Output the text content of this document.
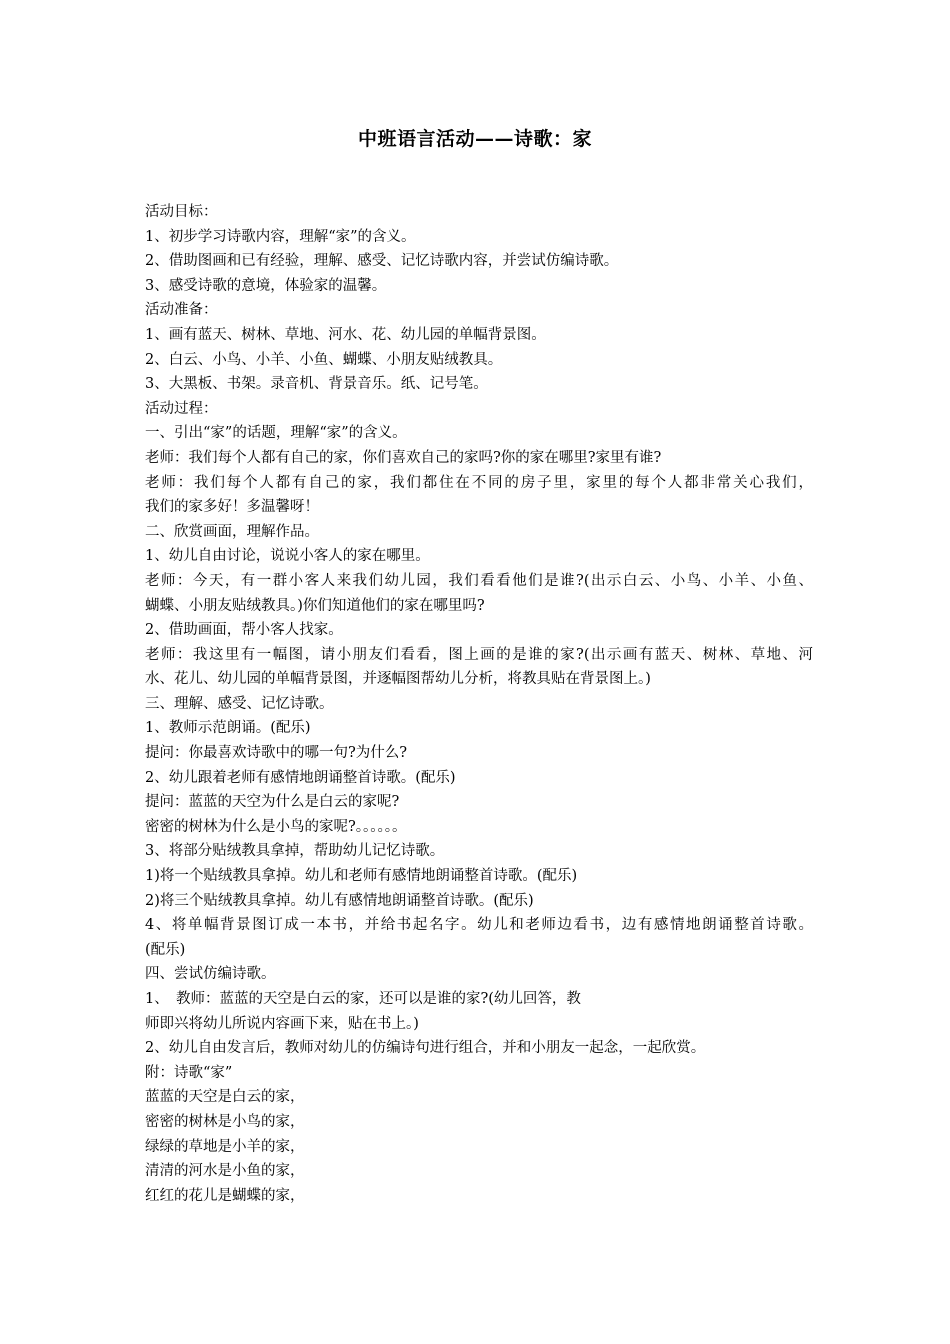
中班语言活动——诗歌：家
活动目标：
1、初步学习诗歌内容，理解“家”的含义。
2、借助图画和已有经验，理解、感受、记忆诗歌内容，并尝试仿编诗歌。
3、感受诗歌的意境，体验家的温馨。
活动准备：
1、画有蓝天、树林、草地、河水、花、幼儿园的单幅背景图。
2、白云、小鸟、小羊、小鱼、蝴蝶、小朋友贴绒教具。
3、大黑板、书架。录音机、背景音乐。纸、记号笔。
活动过程：
一、引出“家”的话题，理解“家”的含义。
老师：我们每个人都有自己的家，你们喜欢自己的家吗?你的家在哪里?家里有谁?
老师：我们每个人都有自己的家，我们都住在不同的房子里，家里的每个人都非常关心我们，
我们的家多好！多温馨呀！
二、欣赏画面，理解作品。
1、幼儿自由讨论，说说小客人的家在哪里。
老师：今天，有一群小客人来我们幼儿园，我们看看他们是谁?(出示白云、小鸟、小羊、小鱼、
蝴蝶、小朋友贴绒教具。)你们知道他们的家在哪里吗?
2、借助画面，帮小客人找家。
老师：我这里有一幅图，请小朋友们看看，图上画的是谁的家?(出示画有蓝天、树林、草地、河
水、花儿、幼儿园的单幅背景图，并逐幅图帮幼儿分析，将教具贴在背景图上。)
三、理解、感受、记忆诗歌。
1、教师示范朗诵。(配乐)
提问：你最喜欢诗歌中的哪一句?为什么?
2、幼儿跟着老师有感情地朗诵整首诗歌。(配乐)
提问：蓝蓝的天空为什么是白云的家呢?
密密的树林为什么是小鸟的家呢?。。。。。。
3、将部分贴绒教具拿掉，帮助幼儿记忆诗歌。
1)将一个贴绒教具拿掉。幼儿和老师有感情地朗诵整首诗歌。(配乐)
2)将三个贴绒教具拿掉。幼儿有感情地朗诵整首诗歌。(配乐)
4、将单幅背景图订成一本书，并给书起名字。幼儿和老师边看书，边有感情地朗诵整首诗歌。
(配乐)
四、尝试仿编诗歌。
1、　教师：蓝蓝的天空是白云的家，还可以是谁的家?(幼儿回答，教
师即兴将幼儿所说内容画下来，贴在书上。)
2、幼儿自由发言后，教师对幼儿的仿编诗句进行组合，并和小朋友一起念，一起欣赏。
附：诗歌“家”
蓝蓝的天空是白云的家，
密密的树林是小鸟的家，
绿绿的草地是小羊的家，
清清的河水是小鱼的家，
红红的花儿是蝴蝶的家，
